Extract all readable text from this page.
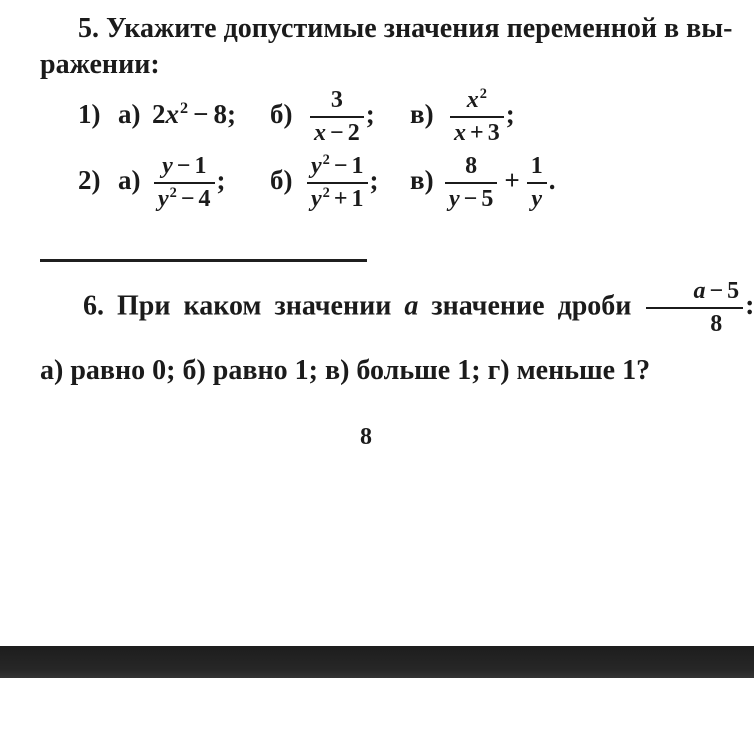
5. Укажите допустимые значения переменной в вы-
ражении:
1) а) $2x^2 - 8$;	$б) \frac{3}{x - 2}$ ;	$в) \frac{x^2}{x + 3}$ ;
2) $а) \frac{y - 1}{y^2 - 4}$ ;	$б) \frac{y^2 - 1}{y^2 + 1}$ ;	$в) \frac{8}{y - 5} + \frac{1}{y}$ .
6. При каком значении a значение дроби $\frac{a - 5}{8}$ :
а) равно 0; б) равно 1; в) больше 1; г) меньше 1?
8
